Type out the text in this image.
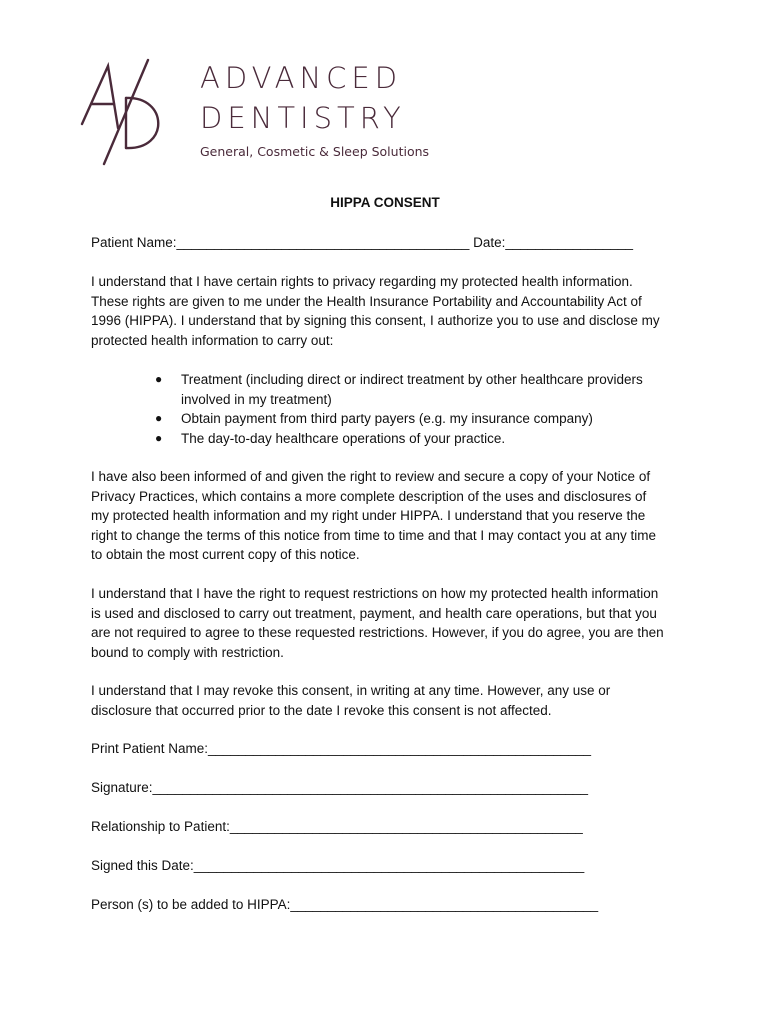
ADVANCED
DENTISTRY
General, Cosmetic & Sleep Solutions
HIPPA CONSENT
Patient Name:_______________________________________ Date:_________________
I understand that I have certain rights to privacy regarding my protected health information.
These rights are given to me under the Health Insurance Portability and Accountability Act of
1996 (HIPPA). I understand that by signing this consent, I authorize you to use and disclose my
protected health information to carry out:
● Treatment (including direct or indirect treatment by other healthcare providers
involved in my treatment)
● Obtain payment from third party payers (e.g. my insurance company)
● The day-to-day healthcare operations of your practice.
I have also been informed of and given the right to review and secure a copy of your Notice of
Privacy Practices, which contains a more complete description of the uses and disclosures of
my protected health information and my right under HIPPA. I understand that you reserve the
right to change the terms of this notice from time to time and that I may contact you at any time
to obtain the most current copy of this notice.
I understand that I have the right to request restrictions on how my protected health information
is used and disclosed to carry out treatment, payment, and health care operations, but that you
are not required to agree to these requested restrictions. However, if you do agree, you are then
bound to comply with restriction.
I understand that I may revoke this consent, in writing at any time. However, any use or
disclosure that occurred prior to the date I revoke this consent is not affected.
Print Patient Name:___________________________________________________
Signature:__________________________________________________________
Relationship to Patient:_______________________________________________
Signed this Date:____________________________________________________
Person (s) to be added to HIPPA:_________________________________________
